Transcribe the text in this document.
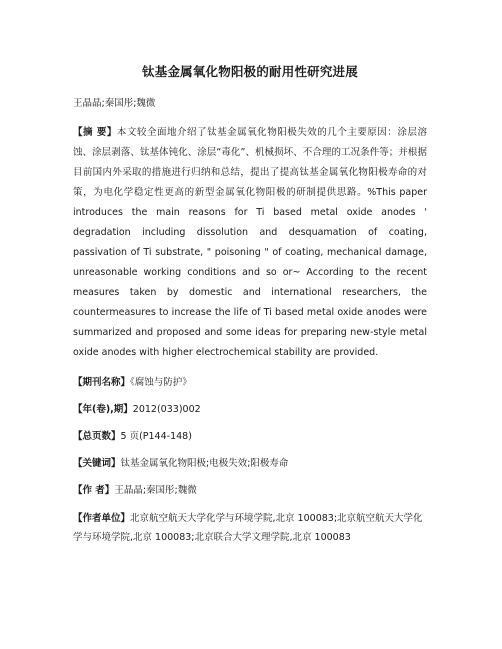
钛基金属氧化物阳极的耐用性研究进展
王晶晶;秦国彤;魏微
【摘 要】本文较全面地介绍了钛基金属氧化物阳极失效的几个主要原因：涂层溶蚀、涂层剥落、钛基体钝化、涂层“毒化”、机械损坏、不合理的工况条件等；并根据目前国内外采取的措施进行归纳和总结，提出了提高钛基金属氧化物阳极寿命的对策，为电化学稳定性更高的新型金属氧化物阳极的研制提供思路。%This paper introduces the main reasons for Ti based metal oxide anodes ' degradation including dissolution and desquamation of coating, passivation of Ti substrate, " poisoning " of coating, mechanical damage, unreasonable working conditions and so or~ According to the recent measures taken by domestic and international researchers, the countermeasures to increase the life of Ti based metal oxide anodes were summarized and proposed and some ideas for preparing new-style metal oxide anodes with higher electrochemical stability are provided.
【期刊名称】《腐蚀与防护》
【年(卷),期】2012(033)002
【总页数】5 页(P144-148)
【关键词】钛基金属氧化物阳极;电极失效;阳极寿命
【作 者】王晶晶;秦国彤;魏微
【作者单位】北京航空航天大学化学与环境学院,北京 100083;北京航空航天大学化学与环境学院,北京 100083;北京联合大学文理学院,北京 100083
